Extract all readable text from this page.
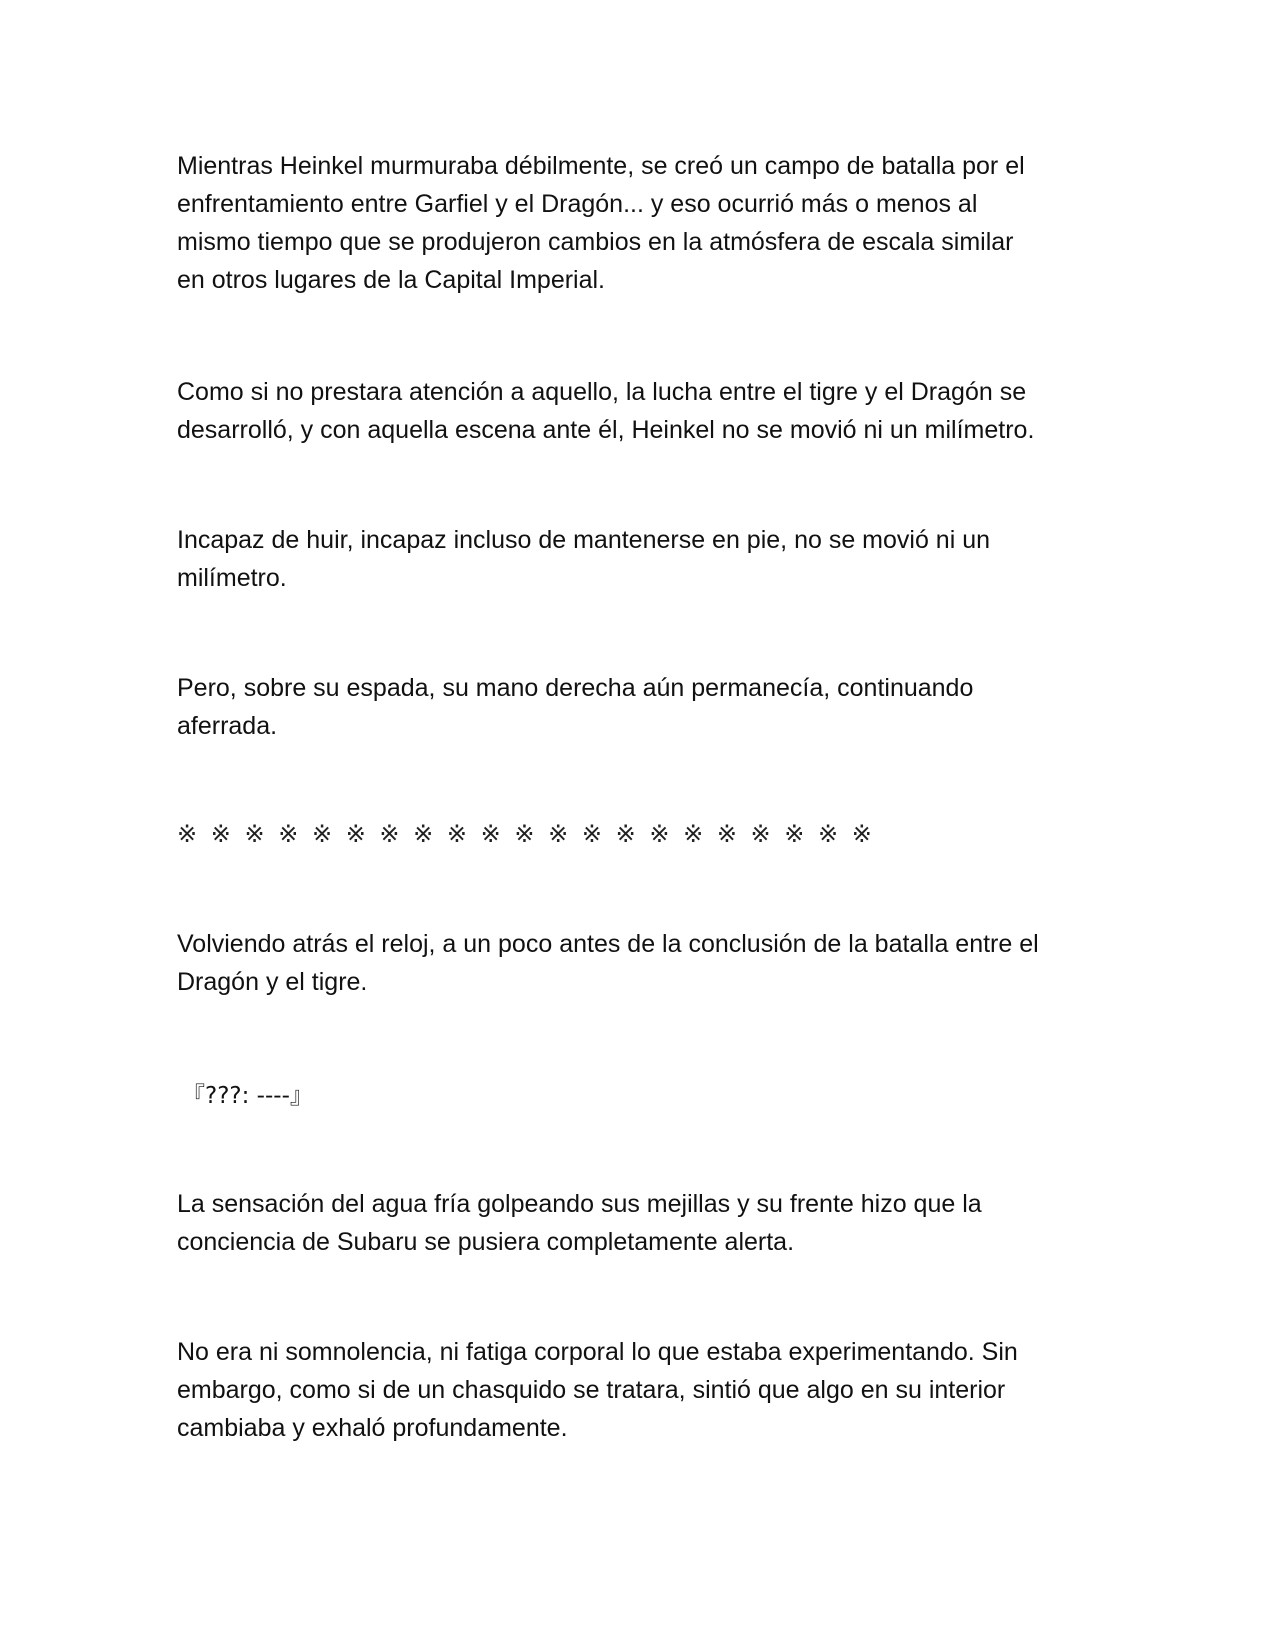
Mientras Heinkel murmuraba débilmente, se creó un campo de batalla por el
enfrentamiento entre Garfiel y el Dragón... y eso ocurrió más o menos al
mismo tiempo que se produjeron cambios en la atmósfera de escala similar
en otros lugares de la Capital Imperial.

Como si no prestara atención a aquello, la lucha entre el tigre y el Dragón se
desarrolló, y con aquella escena ante él, Heinkel no se movió ni un milímetro.

Incapaz de huir, incapaz incluso de mantenerse en pie, no se movió ni un
milímetro.

Pero, sobre su espada, su mano derecha aún permanecía, continuando
aferrada.

※ ※ ※ ※ ※ ※ ※ ※ ※ ※ ※ ※ ※ ※ ※ ※ ※ ※ ※ ※ ※

Volviendo atrás el reloj, a un poco antes de la conclusión de la batalla entre el
Dragón y el tigre.

『???: ----』

La sensación del agua fría golpeando sus mejillas y su frente hizo que la
conciencia de Subaru se pusiera completamente alerta.

No era ni somnolencia, ni fatiga corporal lo que estaba experimentando. Sin
embargo, como si de un chasquido se tratara, sintió que algo en su interior
cambiaba y exhaló profundamente.
